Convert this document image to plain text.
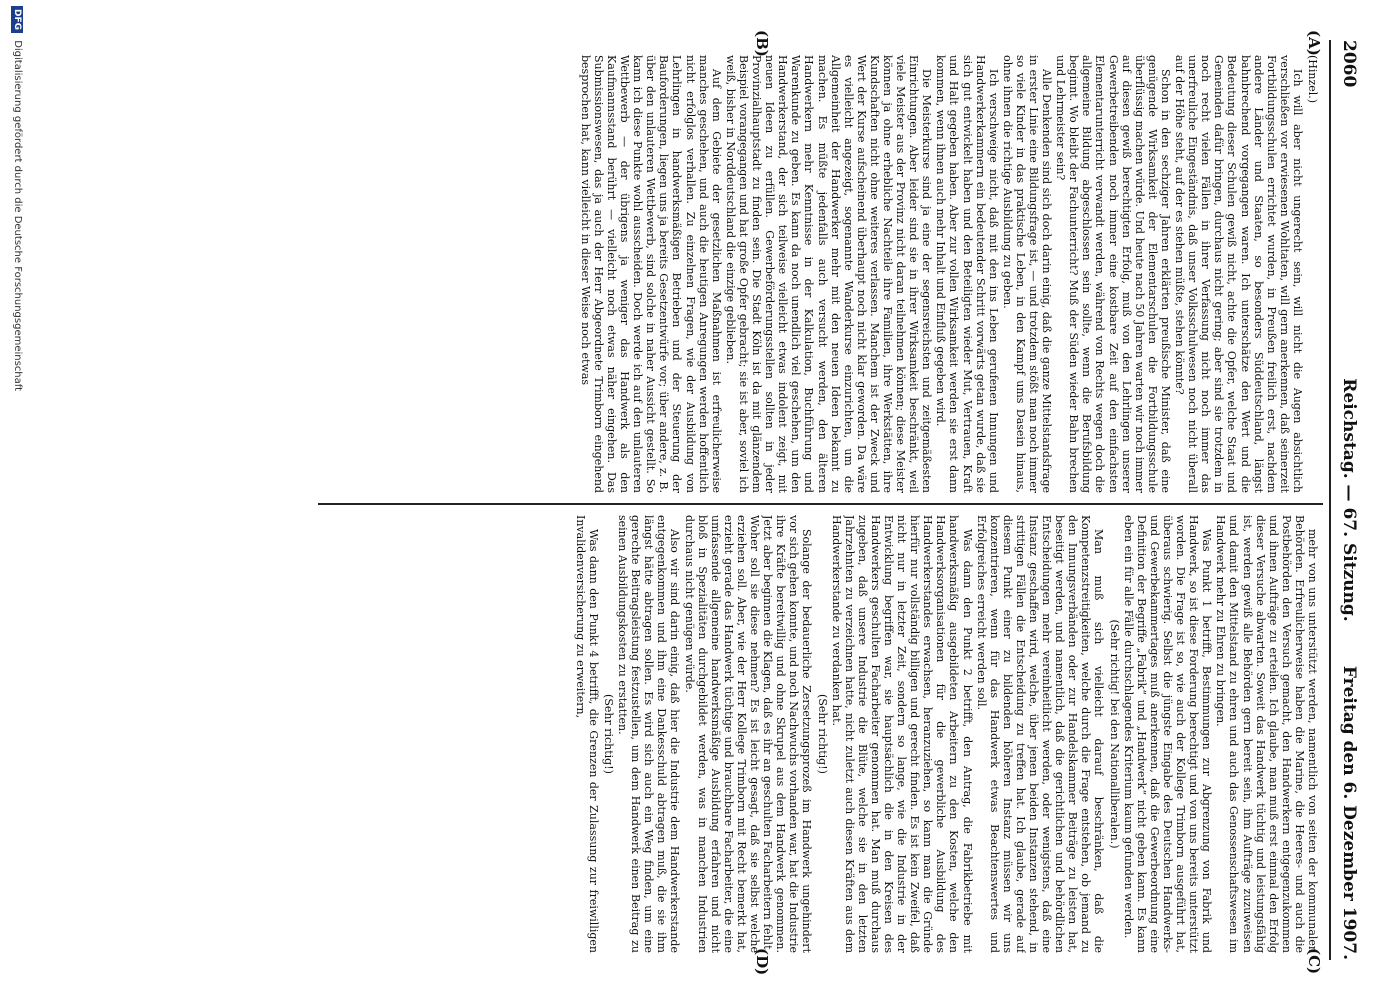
2060
Reichstag. — 67. Sitzung.
Freitag den 6. Dezember 1907.
(A)
(B)
(C)
(D)

(Hinzel.)

Ich will aber nicht ungerecht sein, will nicht die Augen absichtlich verschließen vor erwiesenen Wohltaten, will gern anerkennen, daß seinerzeit Fortbildungsschulen errichtet wurden, in Preußen freilich erst, nachdem andere Länder und Staaten, so besonders Süddeutschland, längst bahnbrechend vorgegangen waren. Ich unterschätze den Wert und die Bedeutung dieser Schulen gewiß nicht, achte die Opfer, welche Staat und Gemeinden dafür bringen, durchaus nicht gering; aber sind sie trotzdem in noch recht vielen Fällen in ihrer Verfassung nicht noch immer das unerfreuliche Eingeständnis, daß unser Volksschulwesen noch nicht überall auf der Höhe steht, auf der es stehen müßte, stehen könnte?

Schon in den sechziger Jahren erklärten preußische Minister, daß eine genügende Wirksamkeit der Elementarschulen die Fortbildungsschule überflüssig machen würde. Und heute nach 50 Jahren warten wir noch immer auf diesen gewiß berechtigten Erfolg, muß von den Lehrlingen unserer Gewerbetreibenden noch immer eine kostbare Zeit auf den einfachsten Elementarunterricht verwandt werden, während von Rechts wegen doch die allgemeine Bildung abgeschlossen sein sollte, wenn die Berufsbildung beginnt. Wo bleibt der Fachunterricht? Muß der Süden wieder Bahn brechen und Lehrmeister sein?

Alle Denkenden sind sich doch darin einig, daß die ganze Mittelstandsfrage in erster Linie eine Bildungsfrage ist, — und trotzdem stößt man noch immer so viele Kinder in das praktische Leben, in den Kampf ums Dasein hinaus, ohne ihnen die richtige Ausbildung zu geben.

Ich verschweige nicht, daß mit den ins Leben gerufenen Innungen und Handwerkerkammern ein bedeutender Schritt vorwärts getan wurde, daß sie sich gut entwickelt haben und den Beteiligten wieder Mut, Vertrauen, Kraft und Halt gegeben haben. Aber zur vollen Wirksamkeit werden sie erst dann kommen, wenn ihnen auch mehr Inhalt und Einfluß gegeben wird.

Die Meisterkurse sind ja eine der segensreichsten und zeitgemäßesten Einrichtungen. Aber leider sind sie in ihrer Wirksamkeit beschränkt, weil viele Meister aus der Provinz nicht daran teilnehmen können; diese Meister können ja ohne erhebliche Nachteile ihre Familien, ihre Werkstätten, ihre Kundschaften nicht ohne weiteres verlassen. Manchem ist der Zweck und Wert der Kurse aufscheinend überhaupt noch nicht klar geworden. Da wäre es vielleicht angezeigt, sogenannte Wanderkurse einzurichten, um die Allgemeinheit der Handwerker mehr mit den neuen Ideen bekannt zu machen. Es müßte jedenfalls auch versucht werden, den älteren Handwerkern mehr Kenntnisse in der Kalkulation, Buchführung und Warenkunde zu geben. Es kann da noch unendlich viel geschehen, um den Handwerkerstand, der sich teilweise vielleicht etwas indolent zeigt, mit neuen Ideen zu erfüllen. Gewerbeförderungsstellen sollten in jeder Provinzialhauptstadt zu finden sein. Die Stadt Köln ist da mit glänzendem Beispiel vorangegangen und hat große Opfer gebracht; sie ist aber, soviel ich weiß, bisher in Norddeutschland die einzige geblieben.

Auf dem Gebiete der gesetzlichen Maßnahmen ist erfreulicherweise manches geschehen, und auch die heutigen Anregungen werden hoffentlich nicht erfolglos verhallen. Zu einzelnen Fragen, wie der Ausbildung von Lehrlingen in handwerksmäßigen Betrieben und der Steuerung der Bauforderungen, liegen uns ja bereits Gesetzentwürfe vor; über andere, z. B. über den unlauteren Wettbewerb, sind solche in naher Aussicht gestellt. So kann ich diese Punkte wohl ausscheiden. Doch werde ich auf den unlauteren Wettbewerb — der übrigens ja weniger das Handwerk als den Kaufmannsstand berührt — vielleicht noch etwas näher eingehen. Das Submissionswesen, das ja auch der Herr Abgeordnete Trimborn eingehend besprochen hat, kann vielleicht in dieser Weise noch etwas

mehr von uns unterstützt werden, namentlich von seiten der kommunalen Behörden. Erfreulicherweise haben die Marine, die Heeres- und auch die Postbehörden den Versuch gemacht, den Handwerkern entgegenzukommen und ihnen Aufträge zu erteilen. Ich glaube, man muß erst einmal den Erfolg dieser Versuche abwarten. Soweit das Handwerk tüchtig und leistungsfähig ist, werden gewiß alle Behörden gern bereit sein, ihm Aufträge zuzuweisen und damit den Mittelstand zu ehren und auch das Genossenschaftswesen im Handwerk mehr zu Ehren zu bringen.

Was Punkt 1 betrifft, Bestimmungen zur Abgrenzung von Fabrik und Handwerk, so ist diese Forderung berechtigt und von uns bereits unterstützt worden. Die Frage ist so, wie auch der Kollege Trimborn ausgeführt hat, überaus schwierig. Selbst die jüngste Eingabe des Deutschen Handwerks- und Gewerbekammertages muß anerkennen, daß die Gewerbeordnung eine Definition der Begriffe „Fabrik“ und „Handwerk“ nicht geben kann. Es kann eben ein für alle Fälle durchschlagendes Kriterium kaum gefunden werden.

(Sehr richtig! bei den Nationalliberalen.)

Man muß sich vielleicht darauf beschränken, daß die Kompetenzstreitigkeiten, welche durch die Frage entstehen, ob jemand zu den Innungsverbänden oder zur Handelskammer Beiträge zu leisten hat, beseitigt werden, und namentlich, daß die gerichtlichen und behördlichen Entscheidungen mehr vereinheitlicht werden, oder wenigstens, daß eine Instanz geschaffen wird, welche, über jenen beiden Instanzen stehend, in strittigen Fällen die Entscheidung zu treffen hat. Ich glaube, gerade auf diesem Punkt einer zu bildenden höheren Instanz müssen wir uns konzentrieren, wenn für das Handwerk etwas Beachtenswertes und Erfolgreiches erreicht werden soll.

Was dann den Punkt 2 betrifft, den Antrag, die Fabrikbetriebe mit handwerksmäßig ausgebildeten Arbeitern zu den Kosten, welche den Handwerksorganisationen für die gewerbliche Ausbildung des Handwerkerstandes erwachsen, heranzuziehen, so kann man die Gründe hierfür nur vollständig billigen und gerecht finden. Es ist kein Zweifel, daß nicht nur in letzter Zeit, sondern so lange, wie die Industrie in der Entwicklung begriffen war, sie hauptsächlich die in den Kreisen des Handwerkers geschulten Facharbeiter genommen hat. Man muß durchaus zugeben, daß unsere Industrie die Blüte, welche sie in den letzten Jahrzehnten zu verzeichnen hatte, nicht zuletzt auch diesen Kräften aus dem Handwerkerstande zu verdanken hat.

(Sehr richtig!)

Solange der bedauerliche Zersetzungsprozeß im Handwerk ungehindert vor sich gehen konnte, und noch Nachwuchs vorhanden war, hat die Industrie ihre Kräfte bereitwillig und ohne Skrupel aus dem Handwerk genommen. Jetzt aber beginnen die Klagen, daß es ihr an geschulten Facharbeitern fehlt. Woher soll sie diese nehmen? Es ist leicht gesagt, daß sie selbst welche erziehen soll. Aber, wie der Herr Kollege Trimborn mit Recht bemerkt hat, erzieht gerade das Handwerk tüchtige und brauchbare Facharbeiter, die eine umfassende allgemeine handwerksmäßige Ausbildung erfahren und nicht bloß in Spezialitäten durchgebildet werden, was in manchen Industrien durchaus nicht genügen würde.

Also wir sind darin einig, daß hier die Industrie dem Handwerkerstande entgegenkommen und ihm eine Dankesschuld abtragen muß, die sie ihm längst hätte abtragen sollen. Es wird sich auch ein Weg finden, um eine gerechte Beitragsleistung festzustellen, um dem Handwerk einen Beitrag zu seinen Ausbildungskosten zu erstatten.

(Sehr richtig!)

Was dann den Punkt 4 betrifft, die Grenzen der Zulassung zur freiwilligen Invalidenversicherung zu erweitern,

DFG Digitalisierung gefördert durch die Deutsche Forschungsgemeinschaft
